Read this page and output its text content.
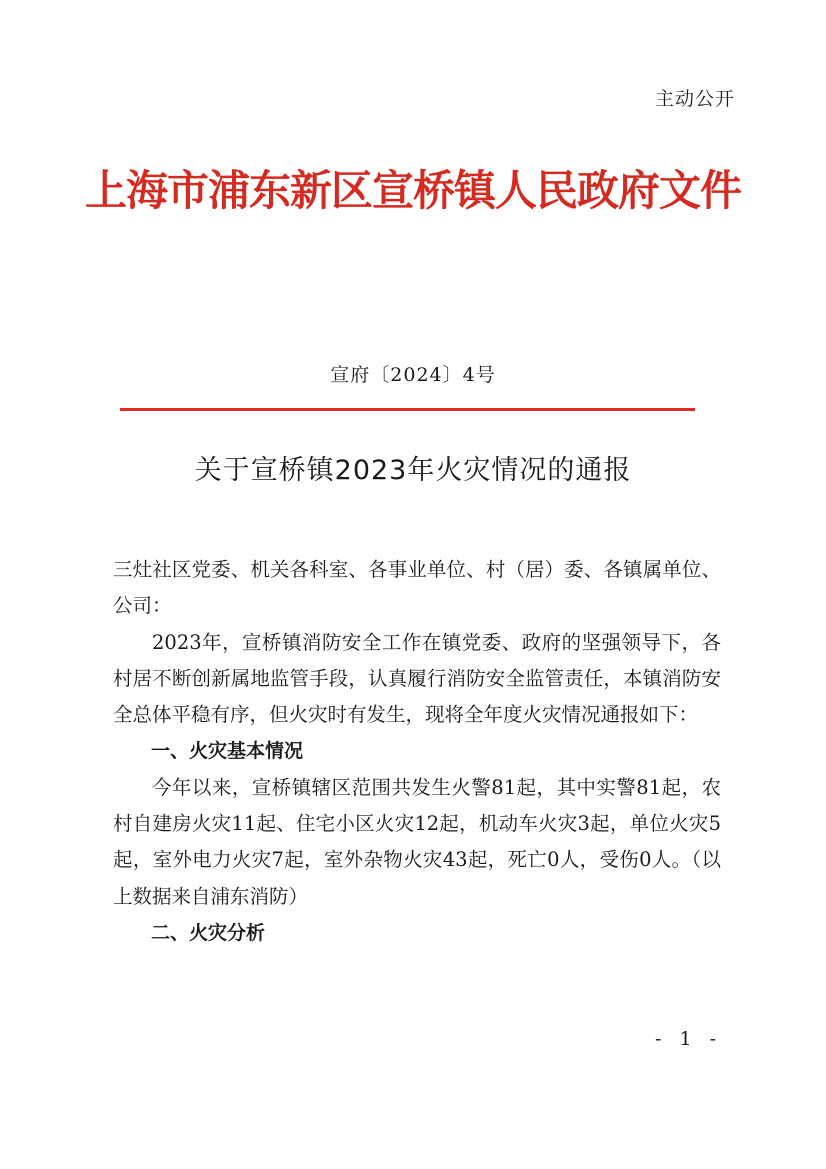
主动公开
上海市浦东新区宣桥镇人民政府文件
宣府〔2024〕4号
关于宣桥镇2023年火灾情况的通报

三灶社区党委、机关各科室、各事业单位、村（居）委、各镇属单位、公司：

2023年，宣桥镇消防安全工作在镇党委、政府的坚强领导下，各村居不断创新属地监管手段，认真履行消防安全监管责任，本镇消防安全总体平稳有序，但火灾时有发生，现将全年度火灾情况通报如下：

一、火灾基本情况

今年以来，宣桥镇辖区范围共发生火警81起，其中实警81起，农村自建房火灾11起、住宅小区火灾12起，机动车火灾3起，单位火灾5起，室外电力火灾7起，室外杂物火灾43起，死亡0人，受伤0人。（以上数据来自浦东消防）

二、火灾分析

- 1 -
